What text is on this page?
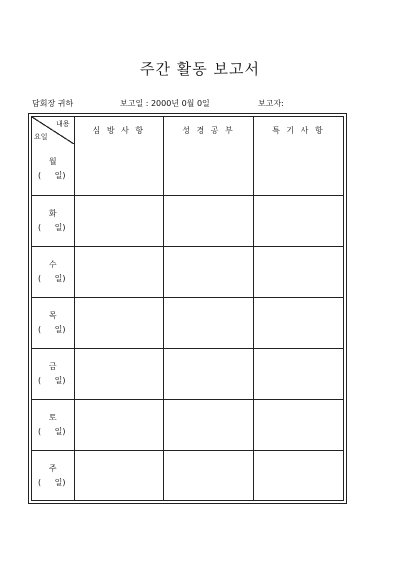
주간 활동 보고서
담회장 귀하	보고일 : 2000년 0월 0일	보고자:
내용
요일	심 방 사 항	성 경 공 부	특 기 사 항

월
( 일)			

화
( 일)			

수
( 일)			

목
( 일)			

금
( 일)			

토
( 일)			

주
( 일)			
